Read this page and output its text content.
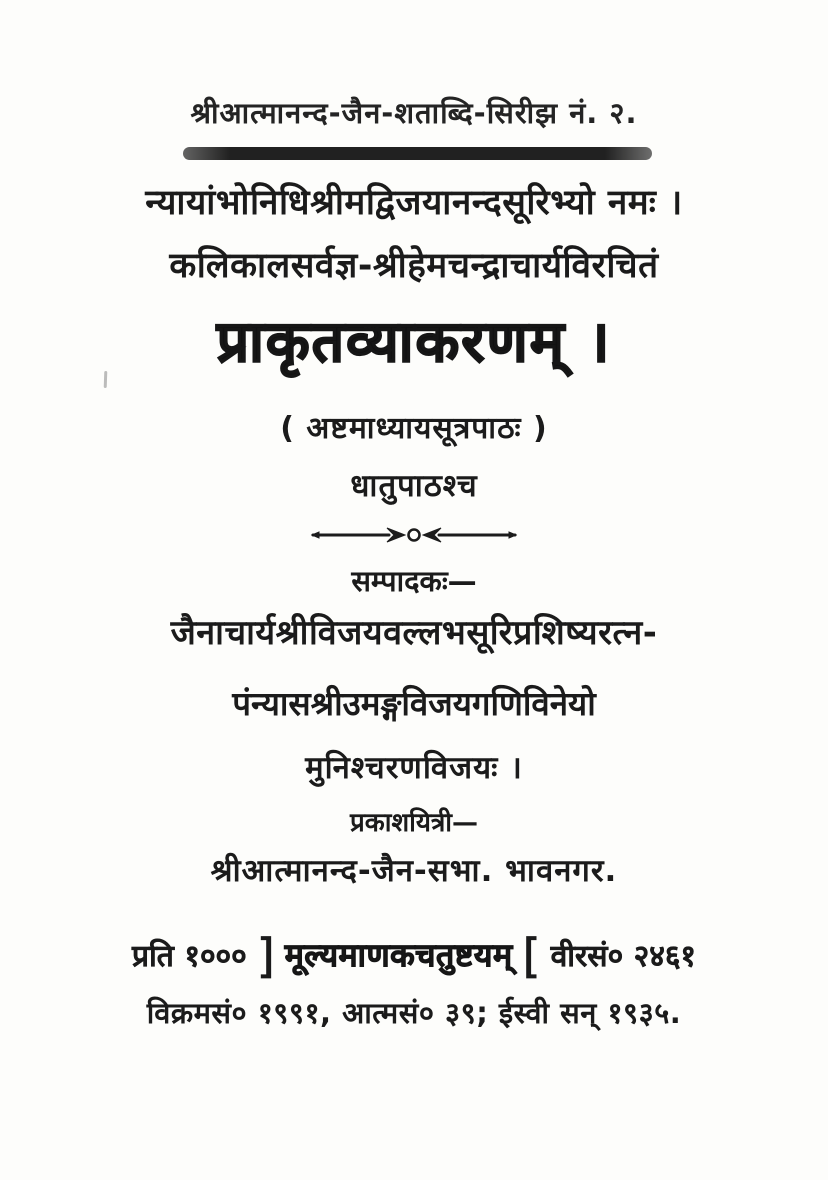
श्रीआत्मानन्द-जैन-शताब्दि-सिरीझ नं. २.
न्यायांभोनिधिश्रीमद्विजयानन्दसूरिभ्यो नमः ।
कलिकालसर्वज्ञ-श्रीहेमचन्द्राचार्यविरचितं
प्राकृतव्याकरणम् ।
( अष्टमाध्यायसूत्रपाठः )
धातुपाठश्च
सम्पादकः—
जैनाचार्यश्रीविजयवल्लभसूरिप्रशिष्यरत्न-
पंन्यासश्रीउमङ्गविजयगणिविनेयो
मुनिश्चरणविजयः ।
प्रकाशयित्री—
श्रीआत्मानन्द-जैन-सभा. भावनगर.
प्रति १००० ] मूल्यमाणकचतुष्टयम् [ वीरसं० २४६१
विक्रमसं० १९९१, आत्मसं० ३९; ईस्वी सन् १९३५.
